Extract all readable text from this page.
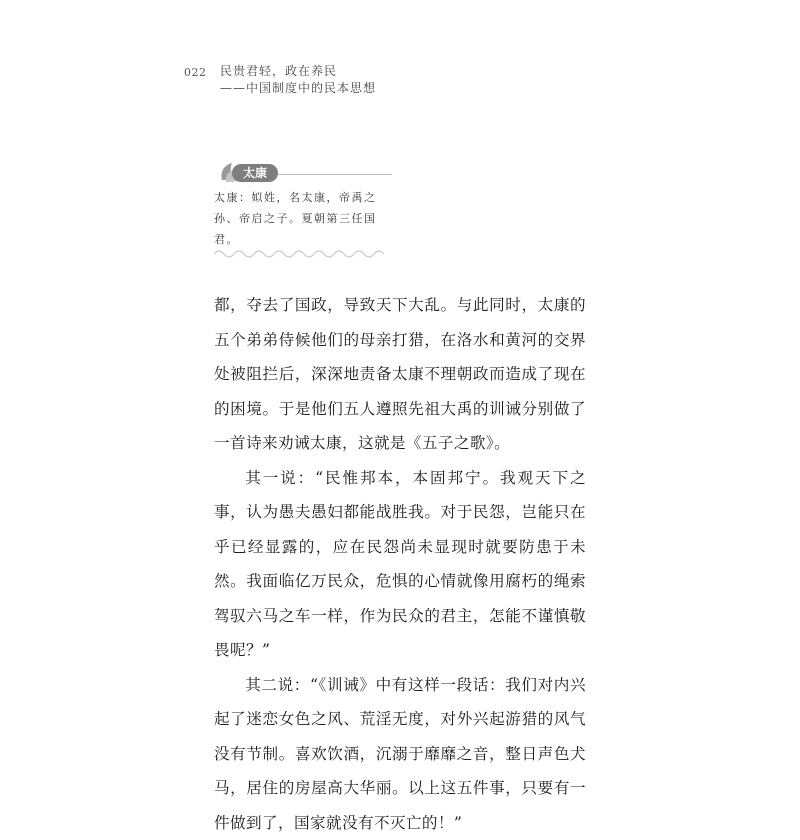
022 民贵君轻，政在养民
——中国制度中的民本思想
太康
太康：姒姓，名太康，帝禹之孙、帝启之子。夏朝第三任国君。

都，夺去了国政，导致天下大乱。与此同时，太康的五个弟弟侍候他们的母亲打猎，在洛水和黄河的交界处被阻拦后，深深地责备太康不理朝政而造成了现在的困境。于是他们五人遵照先祖大禹的训诫分别做了一首诗来劝诫太康，这就是《五子之歌》。

其一说：“民惟邦本，本固邦宁。我观天下之事，认为愚夫愚妇都能战胜我。对于民怨，岂能只在乎已经显露的，应在民怨尚未显现时就要防患于未然。我面临亿万民众，危惧的心情就像用腐朽的绳索驾驭六马之车一样，作为民众的君主，怎能不谨慎敬畏呢？”

其二说：“《训诫》中有这样一段话：我们对内兴起了迷恋女色之风、荒淫无度，对外兴起游猎的风气没有节制。喜欢饮酒，沉溺于靡靡之音，整日声色犬马，居住的房屋高大华丽。以上这五件事，只要有一件做到了，国家就没有不灭亡的！”
